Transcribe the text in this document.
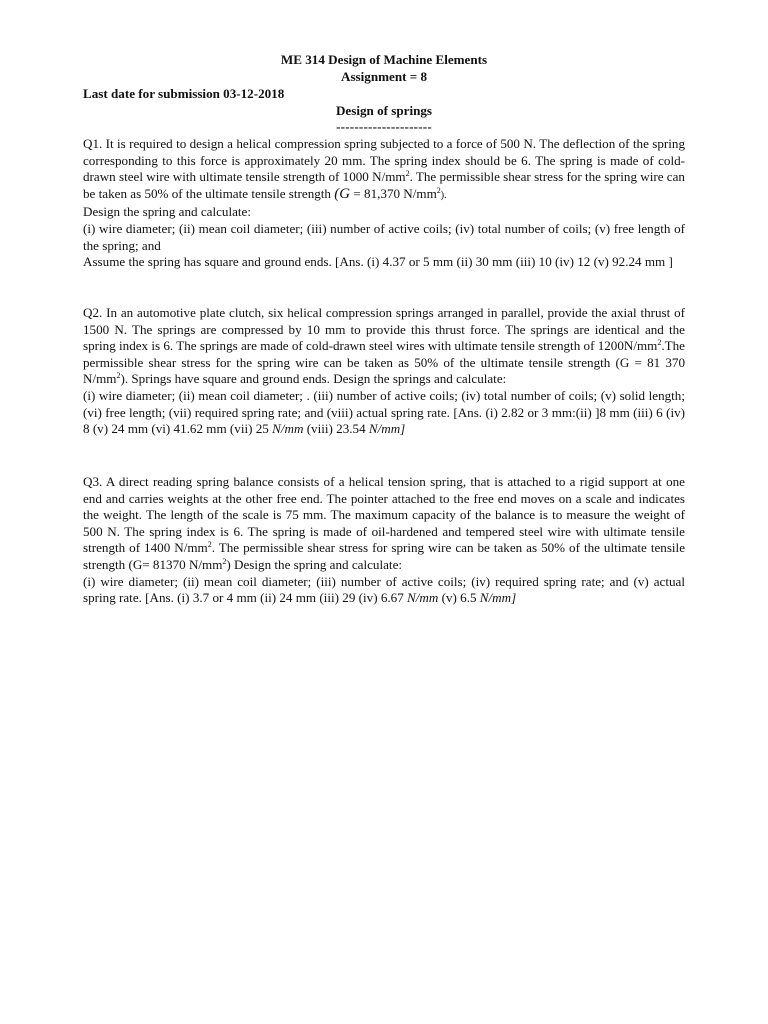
ME 314 Design of Machine Elements
Assignment = 8
Last date for submission 03-12-2018
Design of springs
---------------------

Q1. It is required to design a helical compression spring subjected to a force of 500 N. The deflection of the spring corresponding to this force is approximately 20 mm. The spring index should be 6. The spring is made of cold-drawn steel wire with ultimate tensile strength of 1000 $N/mm^2$. The permissible shear stress for the spring wire can be taken as 50% of the ultimate tensile strength (G = 81,370 $N/mm^2$).

Design the spring and calculate:

(i) wire diameter; (ii) mean coil diameter; (iii) number of active coils; (iv) total number of coils; (v) free length of the spring; and

Assume the spring has square and ground ends. [Ans. (i) 4.37 or 5 mm (ii) 30 mm (iii) 10 (iv) 12 (v) 92.24 mm ]

Q2. In an automotive plate clutch, six helical compression springs arranged in parallel, provide the axial thrust of 1500 N. The springs are compressed by 10 mm to provide this thrust force. The springs are identical and the spring index is 6. The springs are made of cold-drawn steel wires with ultimate tensile strength of $1200N/mm^2.The$ permissible shear stress for the spring wire can be taken as 50% of the ultimate tensile strength (G = 81 370 $N/mm^2$). Springs have square and ground ends. Design the springs and calculate:

(i) wire diameter; (ii) mean coil diameter; . (iii) number of active coils; (iv) total number of coils; (v) solid length; (vi) free length; (vii) required spring rate; and (viii) actual spring rate. [Ans. (i) 2.82 or 3 mm:(ii) ]8 mm (iii) 6 (iv) 8 (v) 24 mm (vi) 41.62 mm (vii) 25 N/mm (viii) 23.54 N/mm]

Q3. A direct reading spring balance consists of a helical tension spring, that is attached to a rigid support at one end and carries weights at the other free end. The pointer attached to the free end moves on a scale and indicates the weight. The length of the scale is 75 mm. The maximum capacity of the balance is to measure the weight of 500 N. The spring index is 6. The spring is made of oil-hardened and tempered steel wire with ultimate tensile strength of 1400 $N/mm^2$. The permissible shear stress for spring wire can be taken as 50% of the ultimate tensile strength (G= 81370 $N/mm^2$) Design the spring and calculate:

(i) wire diameter; (ii) mean coil diameter; (iii) number of active coils; (iv) required spring rate; and (v) actual spring rate. [Ans. (i) 3.7 or 4 mm (ii) 24 mm (iii) 29 (iv) 6.67 N/mm (v) 6.5 N/mm]
